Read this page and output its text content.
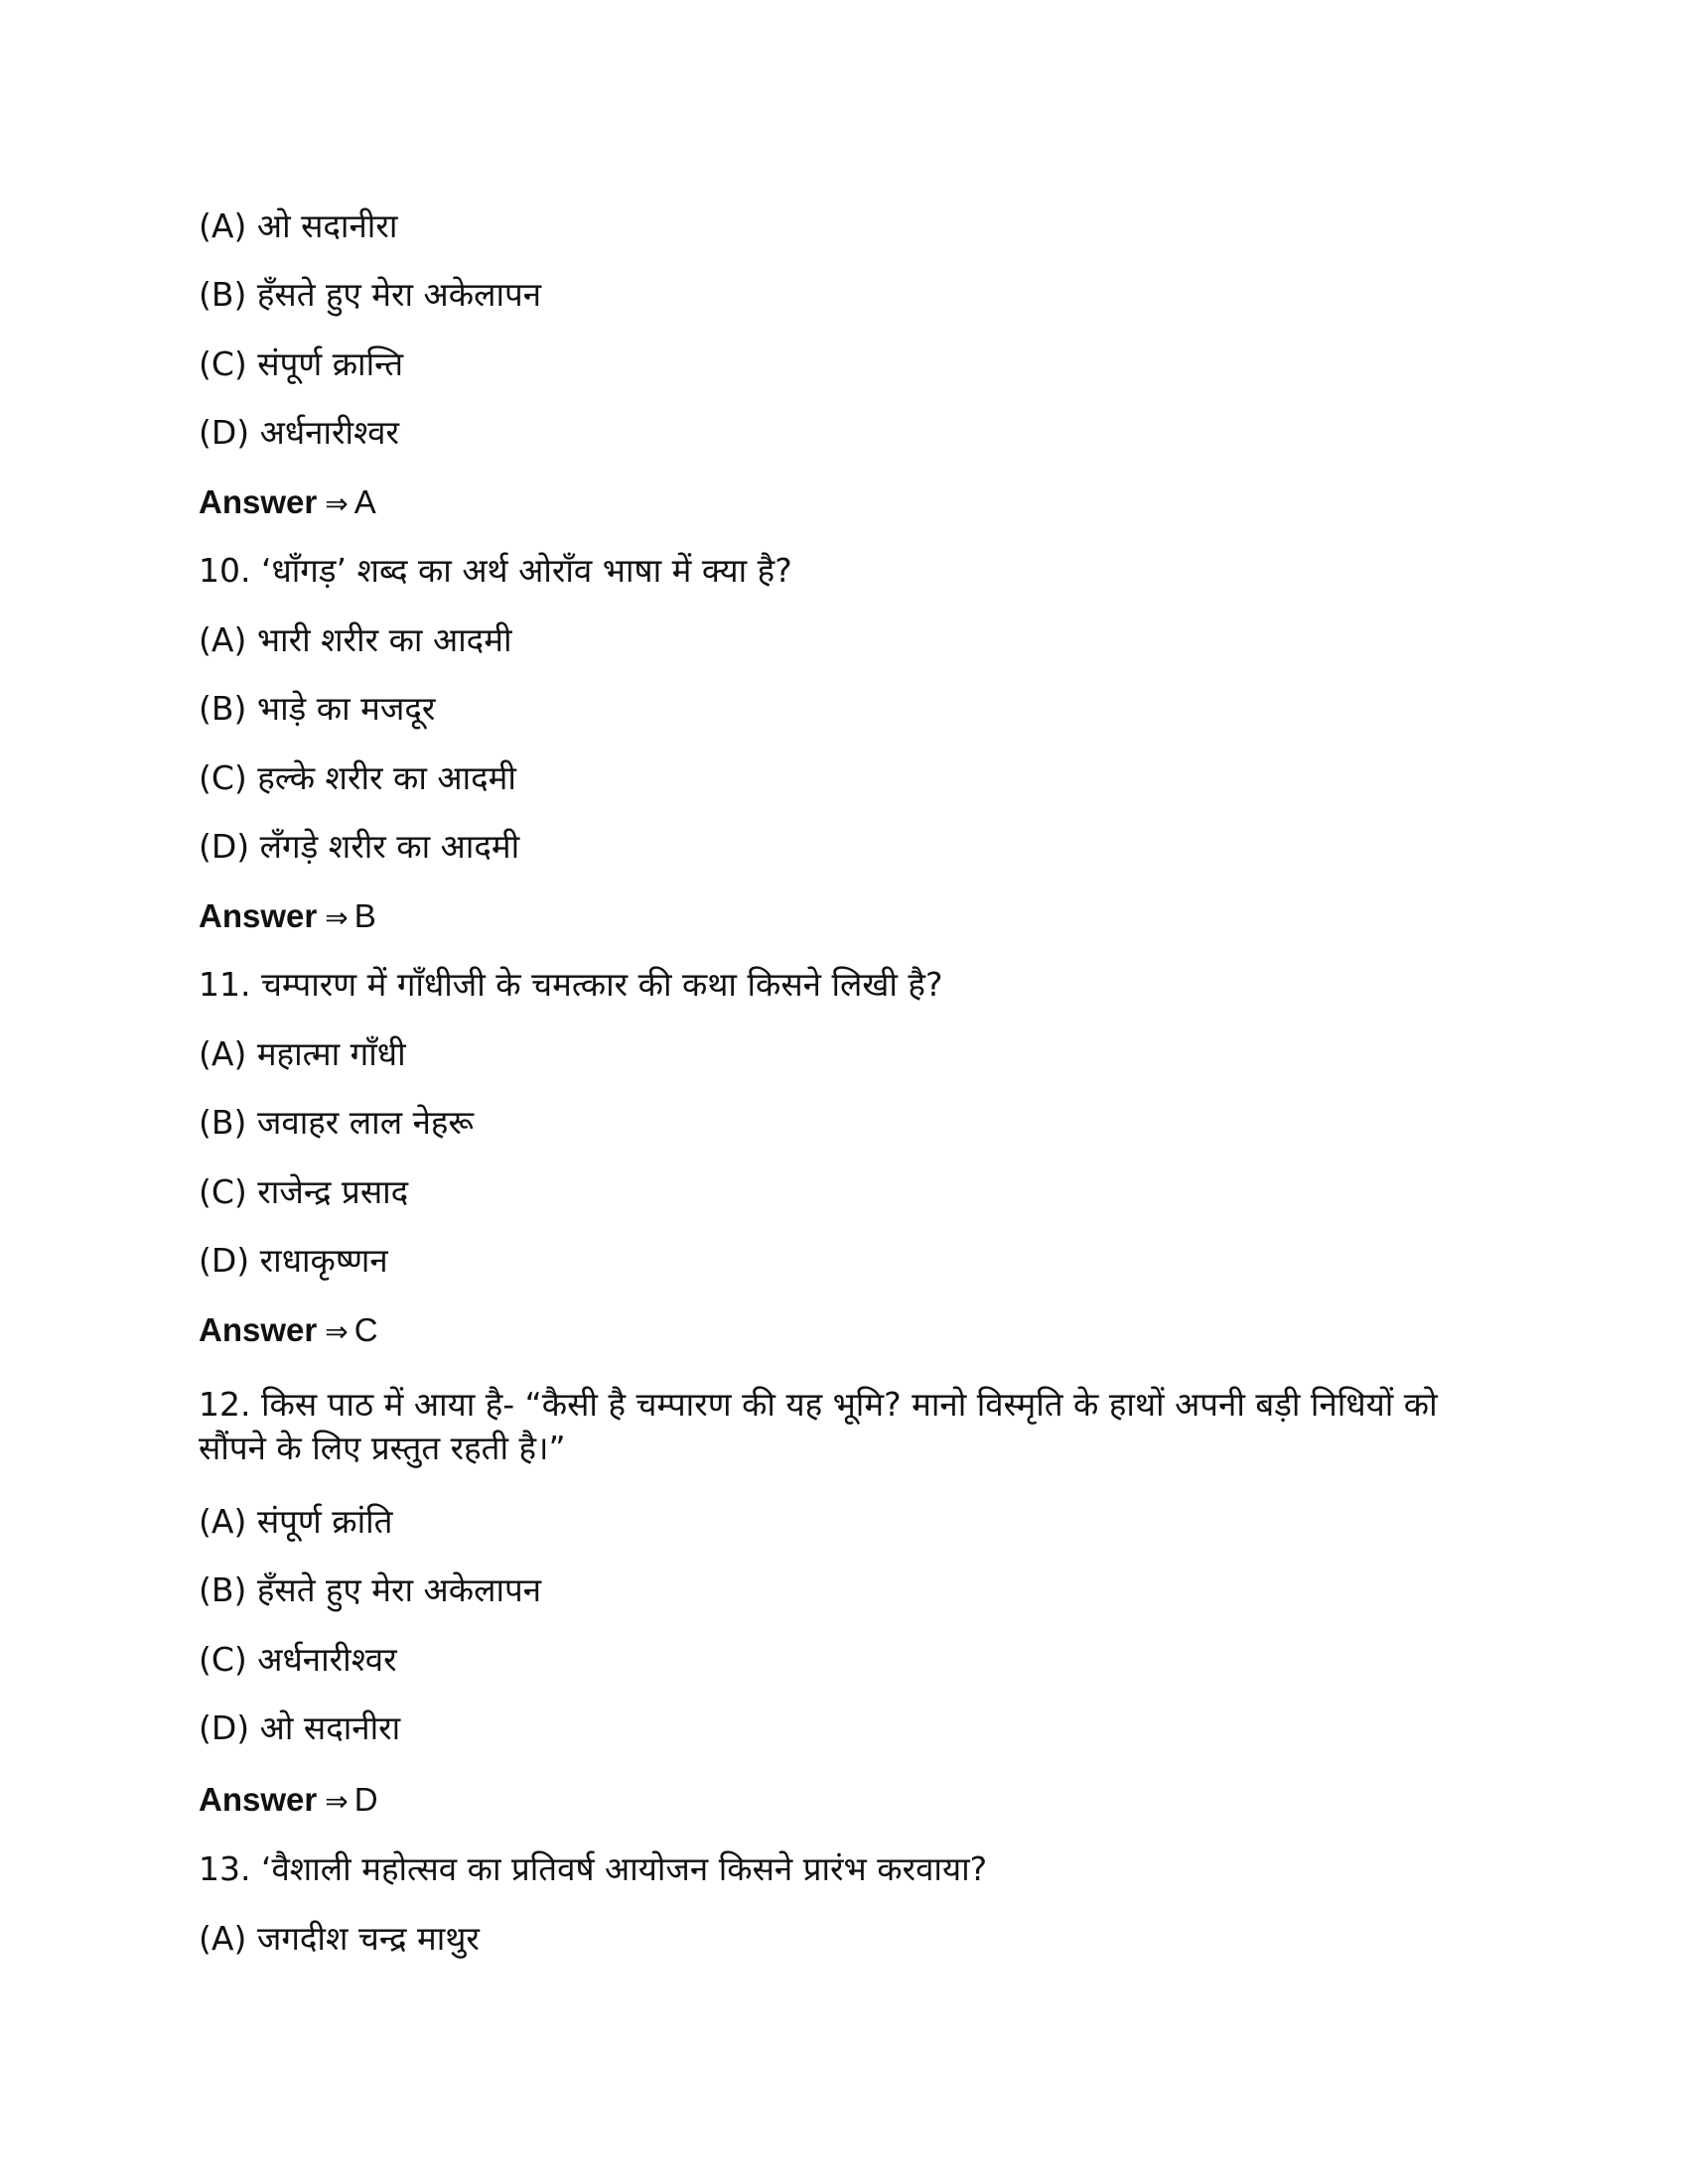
(A) ओ सदानीरा
(B) हँसते हुए मेरा अकेलापन
(C) संपूर्ण क्रान्ति
(D) अर्धनारीश्वर
Answer ⇒ A
10. ‘धाँगड़’ शब्द का अर्थ ओराँव भाषा में क्या है?
(A) भारी शरीर का आदमी
(B) भाड़े का मजदूर
(C) हल्के शरीर का आदमी
(D) लँगड़े शरीर का आदमी
Answer ⇒ B
11. चम्पारण में गाँधीजी के चमत्कार की कथा किसने लिखी है?
(A) महात्मा गाँधी
(B) जवाहर लाल नेहरू
(C) राजेन्द्र प्रसाद
(D) राधाकृष्णन
Answer ⇒ C
12. किस पाठ में आया है- “कैसी है चम्पारण की यह भूमि? मानो विस्मृति के हाथों अपनी बड़ी निधियों को
सौंपने के लिए प्रस्तुत रहती है।”
(A) संपूर्ण क्रांति
(B) हँसते हुए मेरा अकेलापन
(C) अर्धनारीश्वर
(D) ओ सदानीरा
Answer ⇒ D
13. ‘वैशाली महोत्सव का प्रतिवर्ष आयोजन किसने प्रारंभ करवाया?
(A) जगदीश चन्द्र माथुर
